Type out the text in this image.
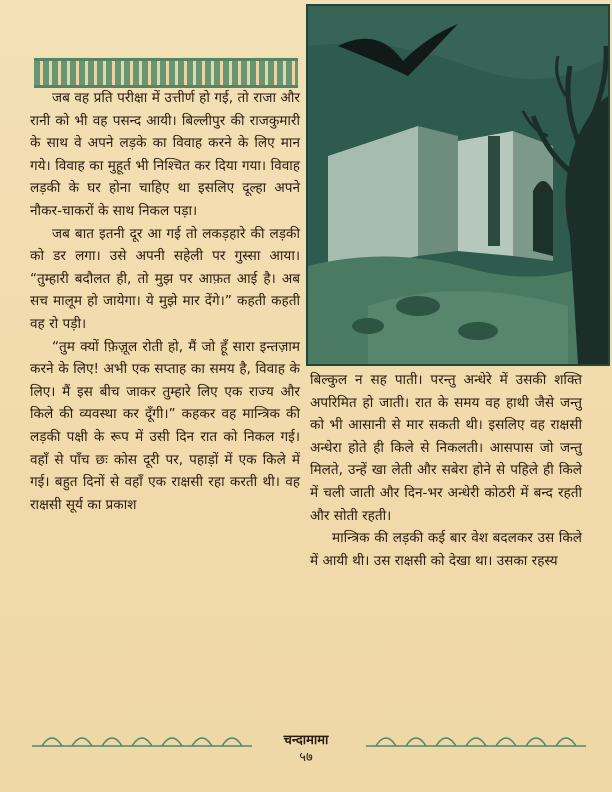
जब वह प्रति परीक्षा में उत्तीर्ण हो गई, तो राजा और रानी को भी वह पसन्द आयी। बिल्लीपुर की राजकुमारी के साथ वे अपने लड़के का विवाह करने के लिए मान गये। विवाह का मुहूर्त भी निश्चित कर दिया गया। विवाह लड़की के घर होना चाहिए था इसलिए दूल्हा अपने नौकर-चाकरों के साथ निकल पड़ा।

जब बात इतनी दूर आ गई तो लकड़हारे की लड़की को डर लगा। उसे अपनी सहेली पर गुस्सा आया। “तुम्हारी बदौलत ही, तो मुझ पर आफ़त आई है। अब सच मालूम हो जायेगा। ये मुझे मार देंगे।” कहती कहती वह रो पड़ी।

“तुम क्यों फ़िज़ूल रोती हो, मैं जो हूँ सारा इन्तज़ाम करने के लिए! अभी एक सप्ताह का समय है, विवाह के लिए। मैं इस बीच जाकर तुम्हारे लिए एक राज्य और किले की व्यवस्था कर दूँगी।” कहकर वह मान्त्रिक की लड़की पक्षी के रूप में उसी दिन रात को निकल गई। वहाँ से पाँच छः कोस दूरी पर, पहाड़ों में एक किले में गई। बहुत दिनों से वहाँ एक राक्षसी रहा करती थी। वह राक्षसी सूर्य का प्रकाश

बिल्कुल न सह पाती। परन्तु अन्धेरे में उसकी शक्ति अपरिमित हो जाती। रात के समय वह हाथी जैसे जन्तु को भी आसानी से मार सकती थी। इसलिए वह राक्षसी अन्धेरा होते ही किले से निकलती। आसपास जो जन्तु मिलते, उन्हें खा लेती और सबेरा होने से पहिले ही किले में चली जाती और दिन-भर अन्धेरी कोठरी में बन्द रहती और सोती रहती।

मान्त्रिक की लड़की कई बार वेश बदलकर उस किले में आयी थी। उस राक्षसी को देखा था। उसका रहस्य

चन्दामामा
५७
